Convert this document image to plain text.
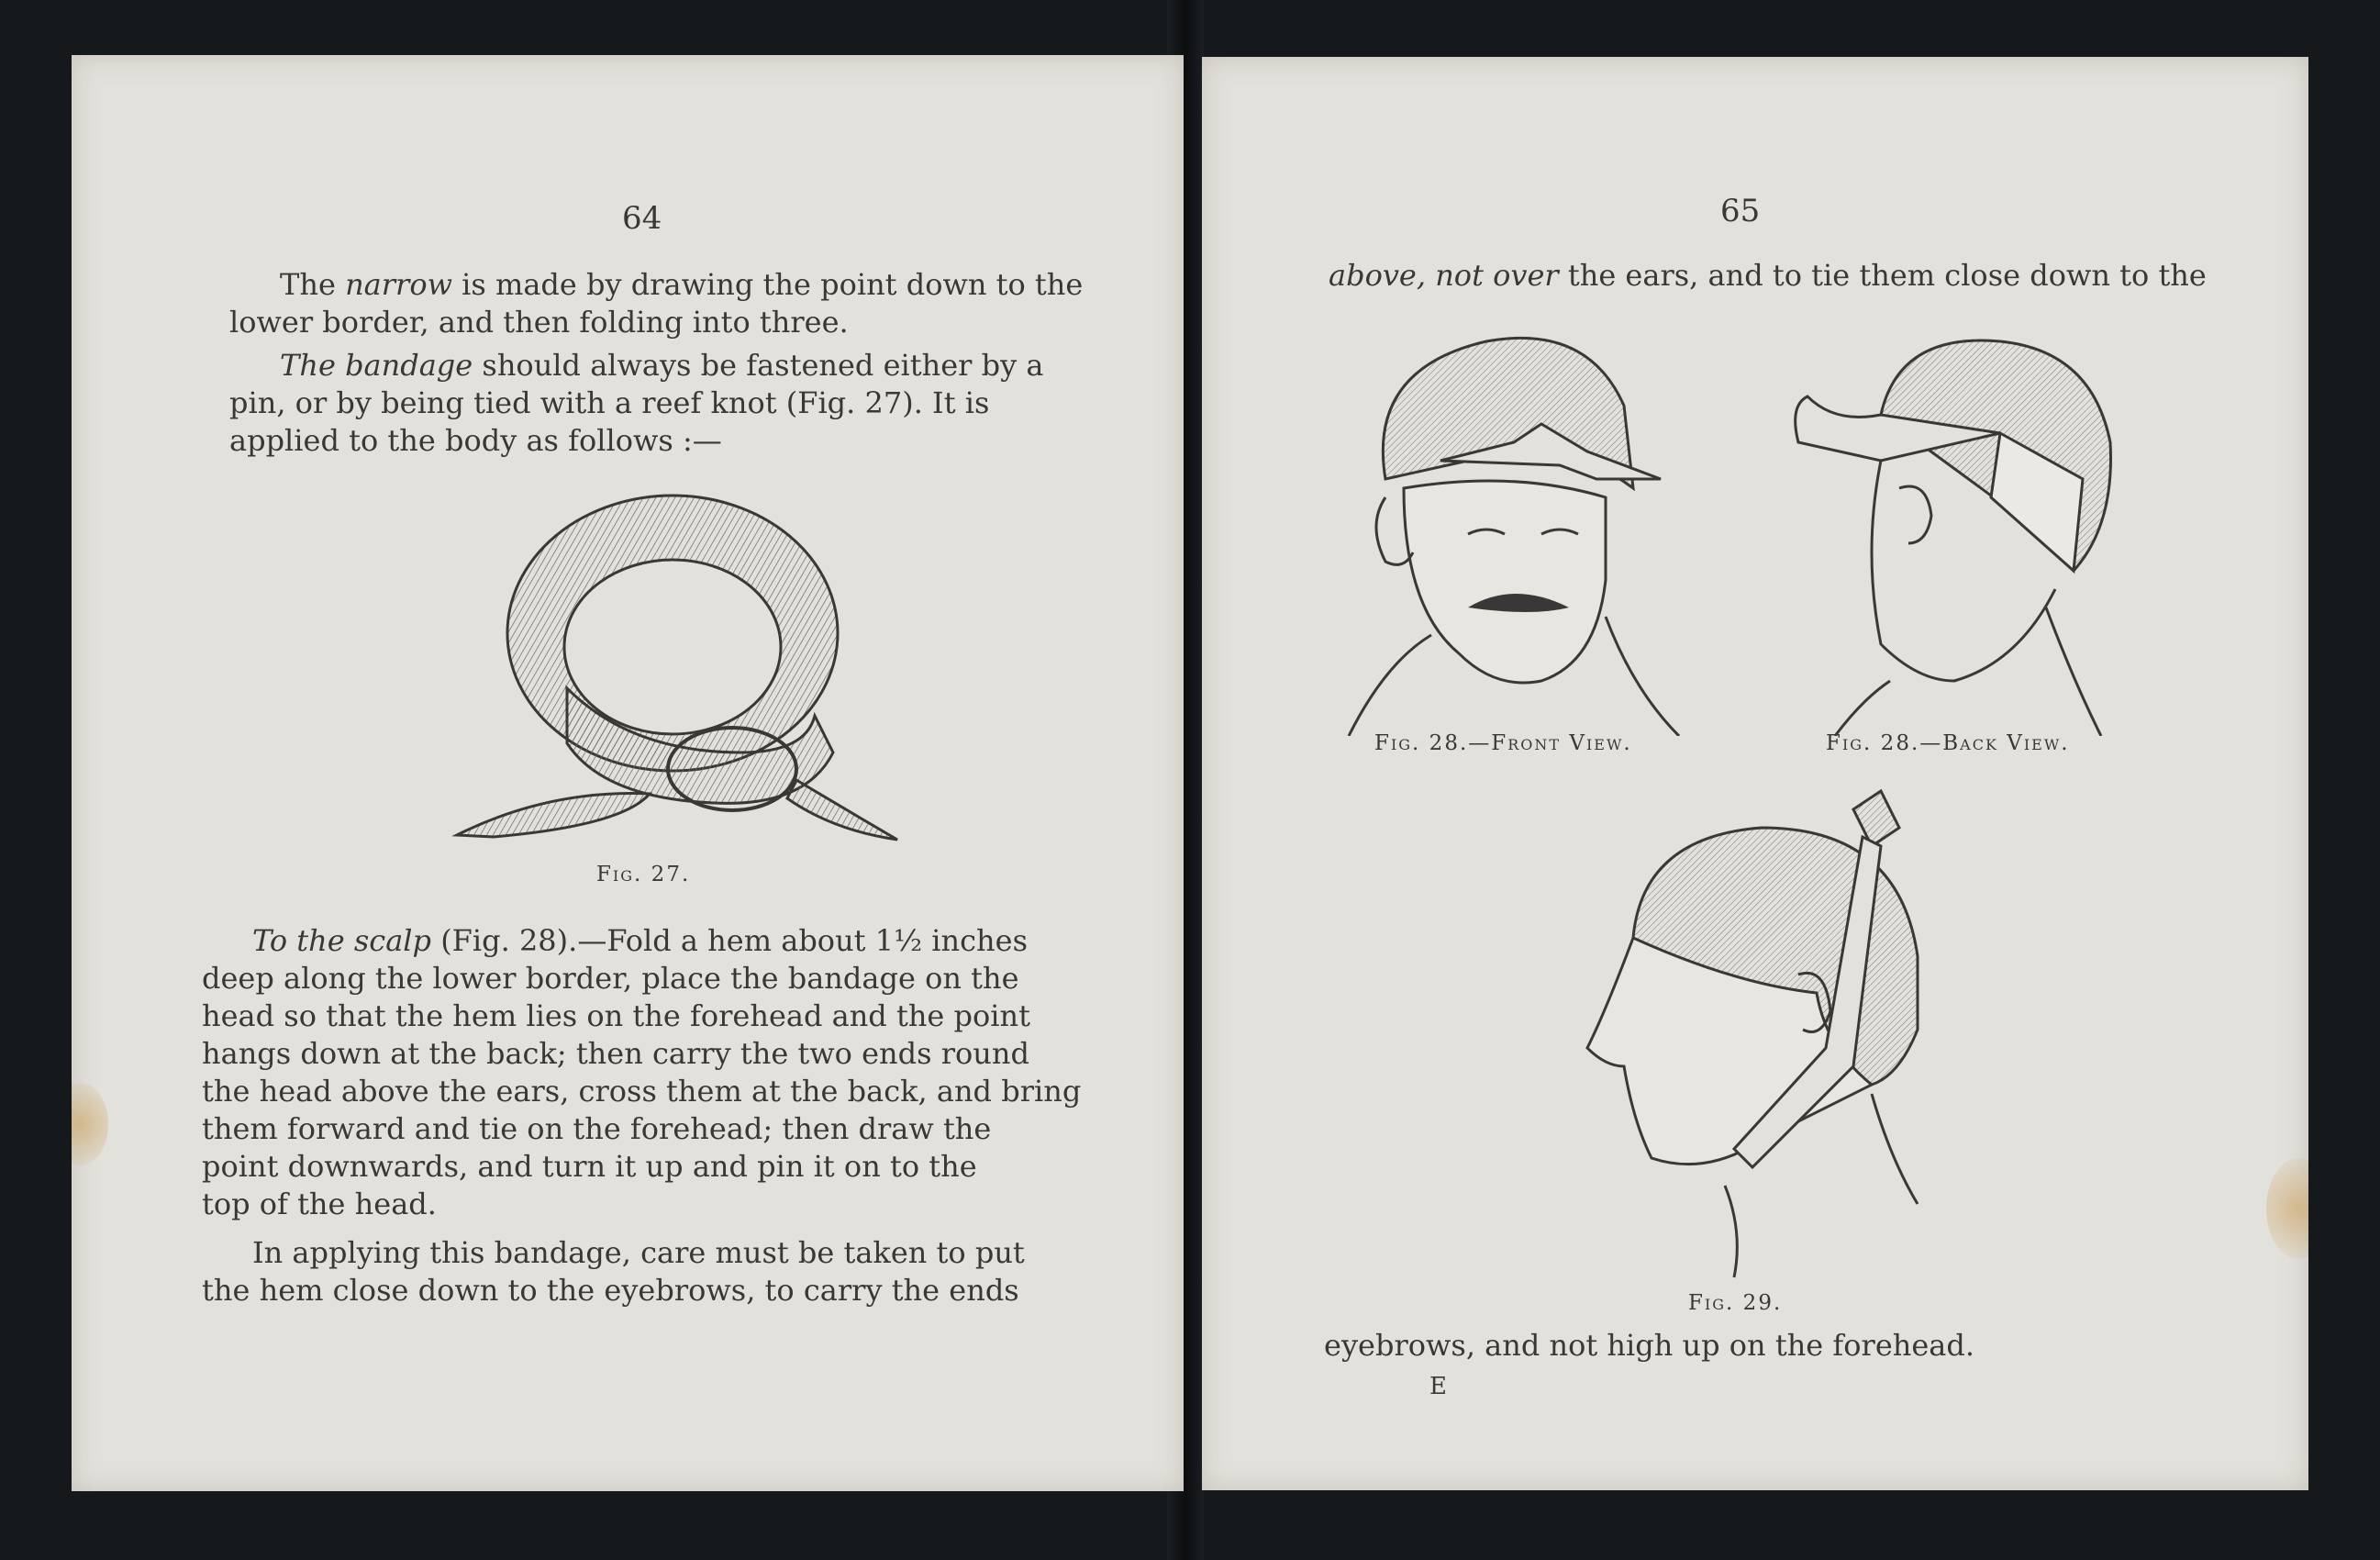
64
The narrow is made by drawing the point down to the
lower border, and then folding into three.
The bandage should always be fastened either by a
pin, or by being tied with a reef knot (Fig. 27). It is
applied to the body as follows :—
Fig. 27.
To the scalp (Fig. 28).—Fold a hem about 1½ inches
deep along the lower border, place the bandage on the
head so that the hem lies on the forehead and the point
hangs down at the back; then carry the two ends round
the head above the ears, cross them at the back, and bring
them forward and tie on the forehead; then draw the
point downwards, and turn it up and pin it on to the
top of the head.
In applying this bandage, care must be taken to put
the hem close down to the eyebrows, to carry the ends
65
above, not over the ears, and to tie them close down to the
Fig. 28.—Front View.	Fig. 28.—Back View.
Fig. 29.
eyebrows, and not high up on the forehead.
E
